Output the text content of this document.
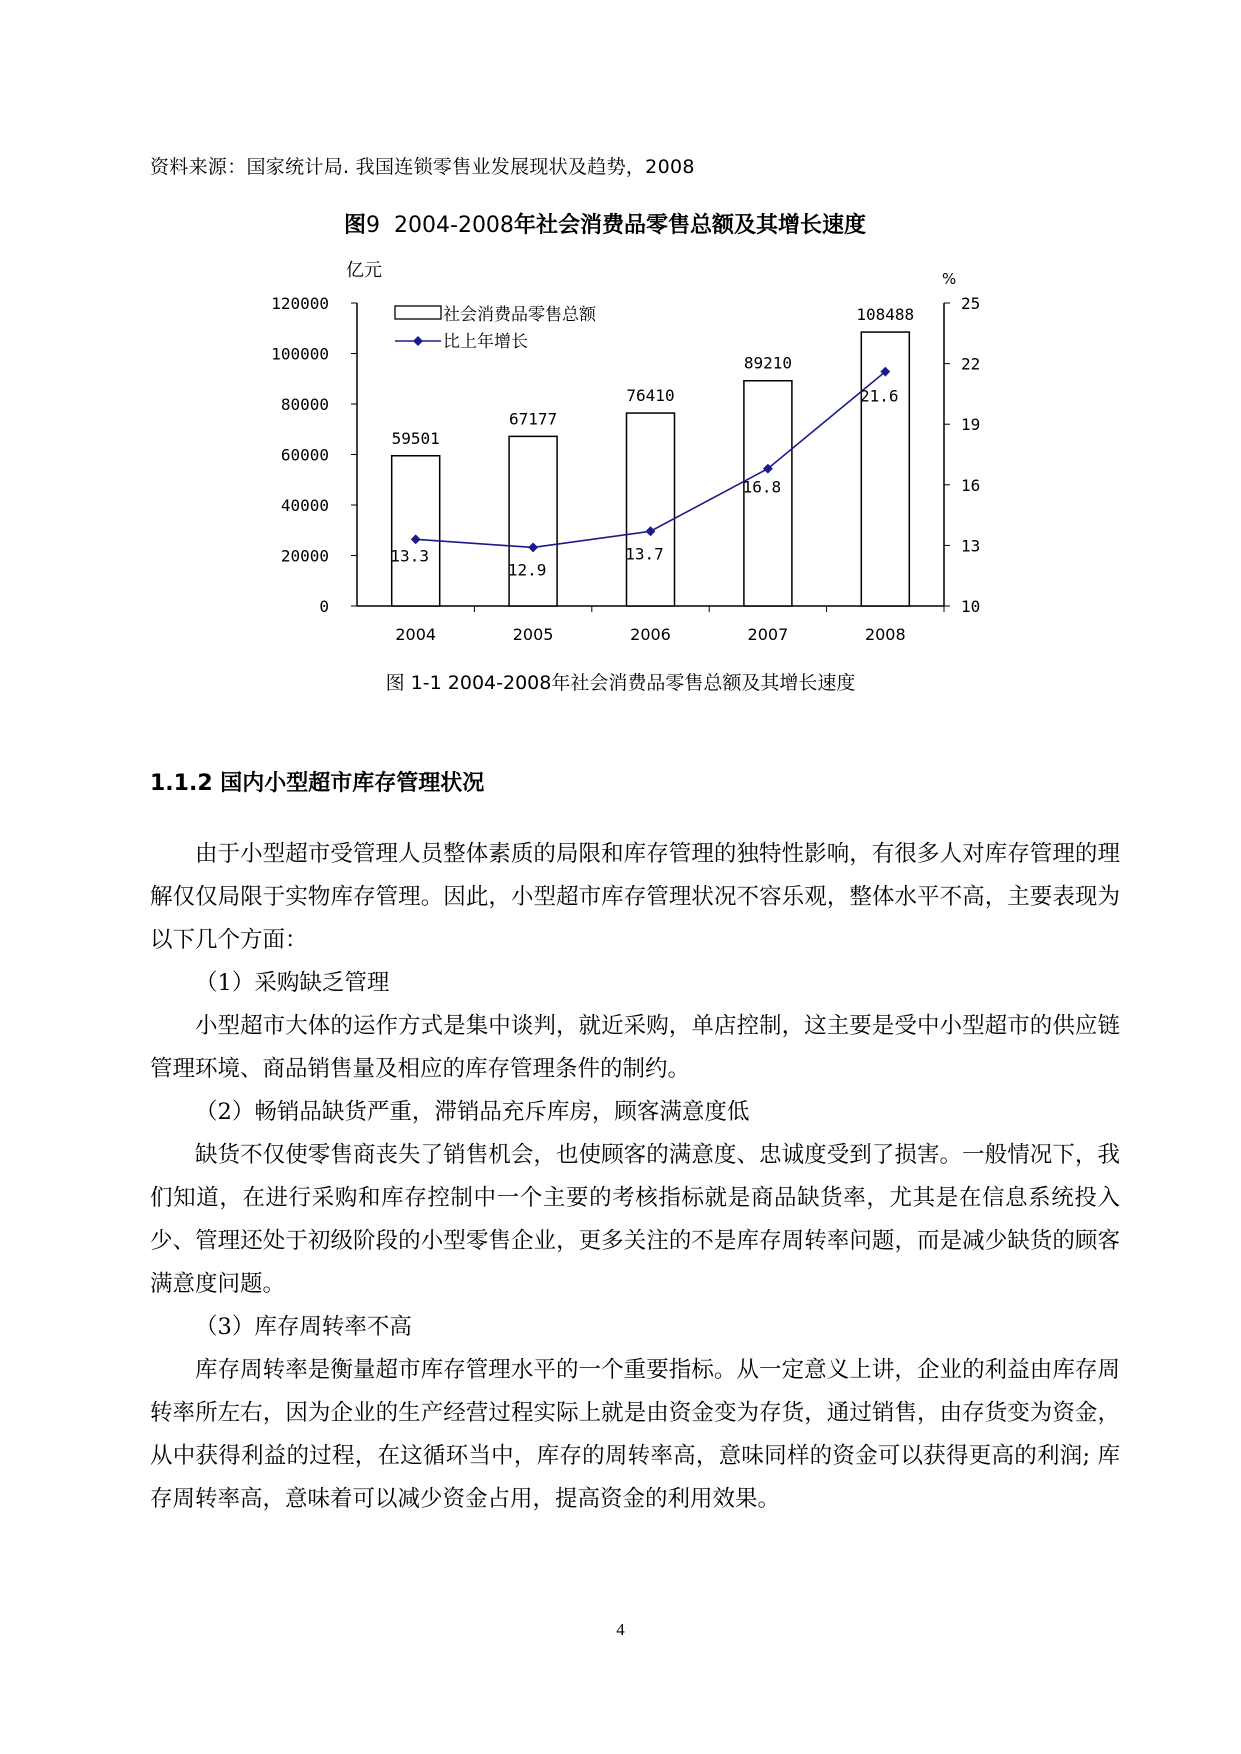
资料来源：国家统计局. 我国连锁零售业发展现状及趋势，2008
图9 2004-2008年社会消费品零售总额及其增长速度
亿元	%
0
20000
40000
60000
80000
100000
120000
10
13
16
19
22
25
59501
2004
67177
2005
76410
2006
89210
2007
108488
2008
13.3
12.9
13.7
16.8
21.6
社会消费品零售总额
比上年增长
图 1-1 2004-2008年社会消费品零售总额及其增长速度
1.1.2 国内小型超市库存管理状况

由于小型超市受管理人员整体素质的局限和库存管理的独特性影响，有很多人对库存管理的理解仅仅局限于实物库存管理。因此，小型超市库存管理状况不容乐观，整体水平不高，主要表现为以下几个方面：

（1）采购缺乏管理

小型超市大体的运作方式是集中谈判，就近采购，单店控制，这主要是受中小型超市的供应链管理环境、商品销售量及相应的库存管理条件的制约。

（2）畅销品缺货严重，滞销品充斥库房，顾客满意度低

缺货不仅使零售商丧失了销售机会，也使顾客的满意度、忠诚度受到了损害。一般情况下，我们知道，在进行采购和库存控制中一个主要的考核指标就是商品缺货率，尤其是在信息系统投入少、管理还处于初级阶段的小型零售企业，更多关注的不是库存周转率问题，而是减少缺货的顾客满意度问题。

（3）库存周转率不高

库存周转率是衡量超市库存管理水平的一个重要指标。从一定意义上讲，企业的利益由库存周转率所左右，因为企业的生产经营过程实际上就是由资金变为存货，通过销售，由存货变为资金，从中获得利益的过程，在这循环当中，库存的周转率高，意味同样的资金可以获得更高的利润; 库存周转率高，意味着可以减少资金占用，提高资金的利用效果。

4
